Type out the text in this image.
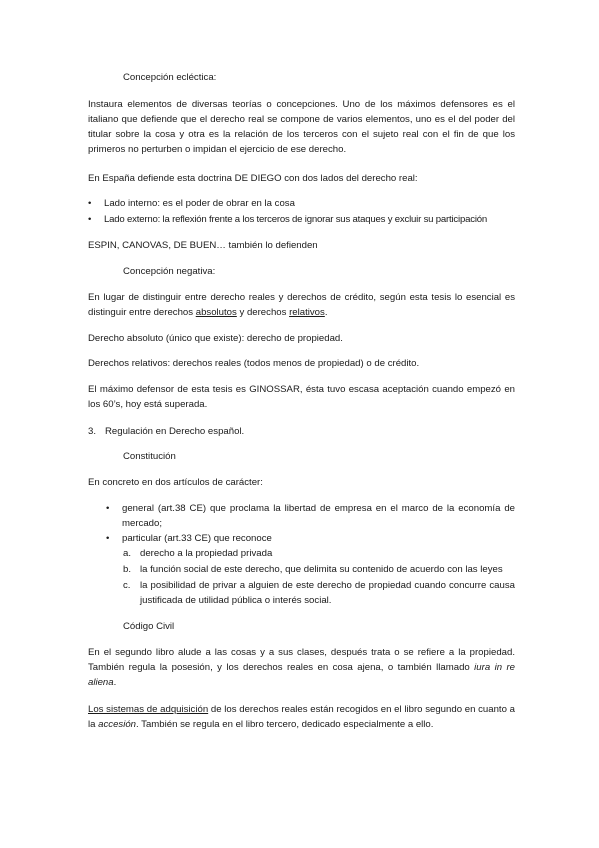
Concepción ecléctica:
Instaura elementos de diversas teorías o concepciones. Uno de los máximos defensores es el italiano que defiende que el derecho real se compone de varios elementos, uno es el del poder del titular sobre la cosa y otra es la relación de los terceros con el sujeto real con el fin de que los primeros no perturben o impidan el ejercicio de ese derecho.
En España defiende esta doctrina DE DIEGO con dos lados del derecho real:
• Lado interno: es el poder de obrar en la cosa
• Lado externo: la reflexión frente a los terceros de ignorar sus ataques y excluir su participación
ESPIN, CANOVAS, DE BUEN… también lo defienden
Concepción negativa:
En lugar de distinguir entre derecho reales y derechos de crédito, según esta tesis lo esencial es distinguir entre derechos absolutos y derechos relativos.
Derecho absoluto (único que existe): derecho de propiedad.
Derechos relativos: derechos reales (todos menos de propiedad) o de crédito.
El máximo defensor de esta tesis es GINOSSAR, ésta tuvo escasa aceptación cuando empezó en los 60’s, hoy está superada.
3. Regulación en Derecho español.
Constitución
En concreto en dos artículos de carácter:
• general (art.38 CE) que proclama la libertad de empresa en el marco de la economía de mercado;
• particular (art.33 CE) que reconoce
a. derecho a la propiedad privada
b. la función social de este derecho, que delimita su contenido de acuerdo con las leyes
c. la posibilidad de privar a alguien de este derecho de propiedad cuando concurre causa justificada de utilidad pública o interés social.
Código Civil
En el segundo libro alude a las cosas y a sus clases, después trata o se refiere a la propiedad. También regula la posesión, y los derechos reales en cosa ajena, o también llamado iura in re aliena.
Los sistemas de adquisición de los derechos reales están recogidos en el libro segundo en cuanto a la accesión. También se regula en el libro tercero, dedicado especialmente a ello.
